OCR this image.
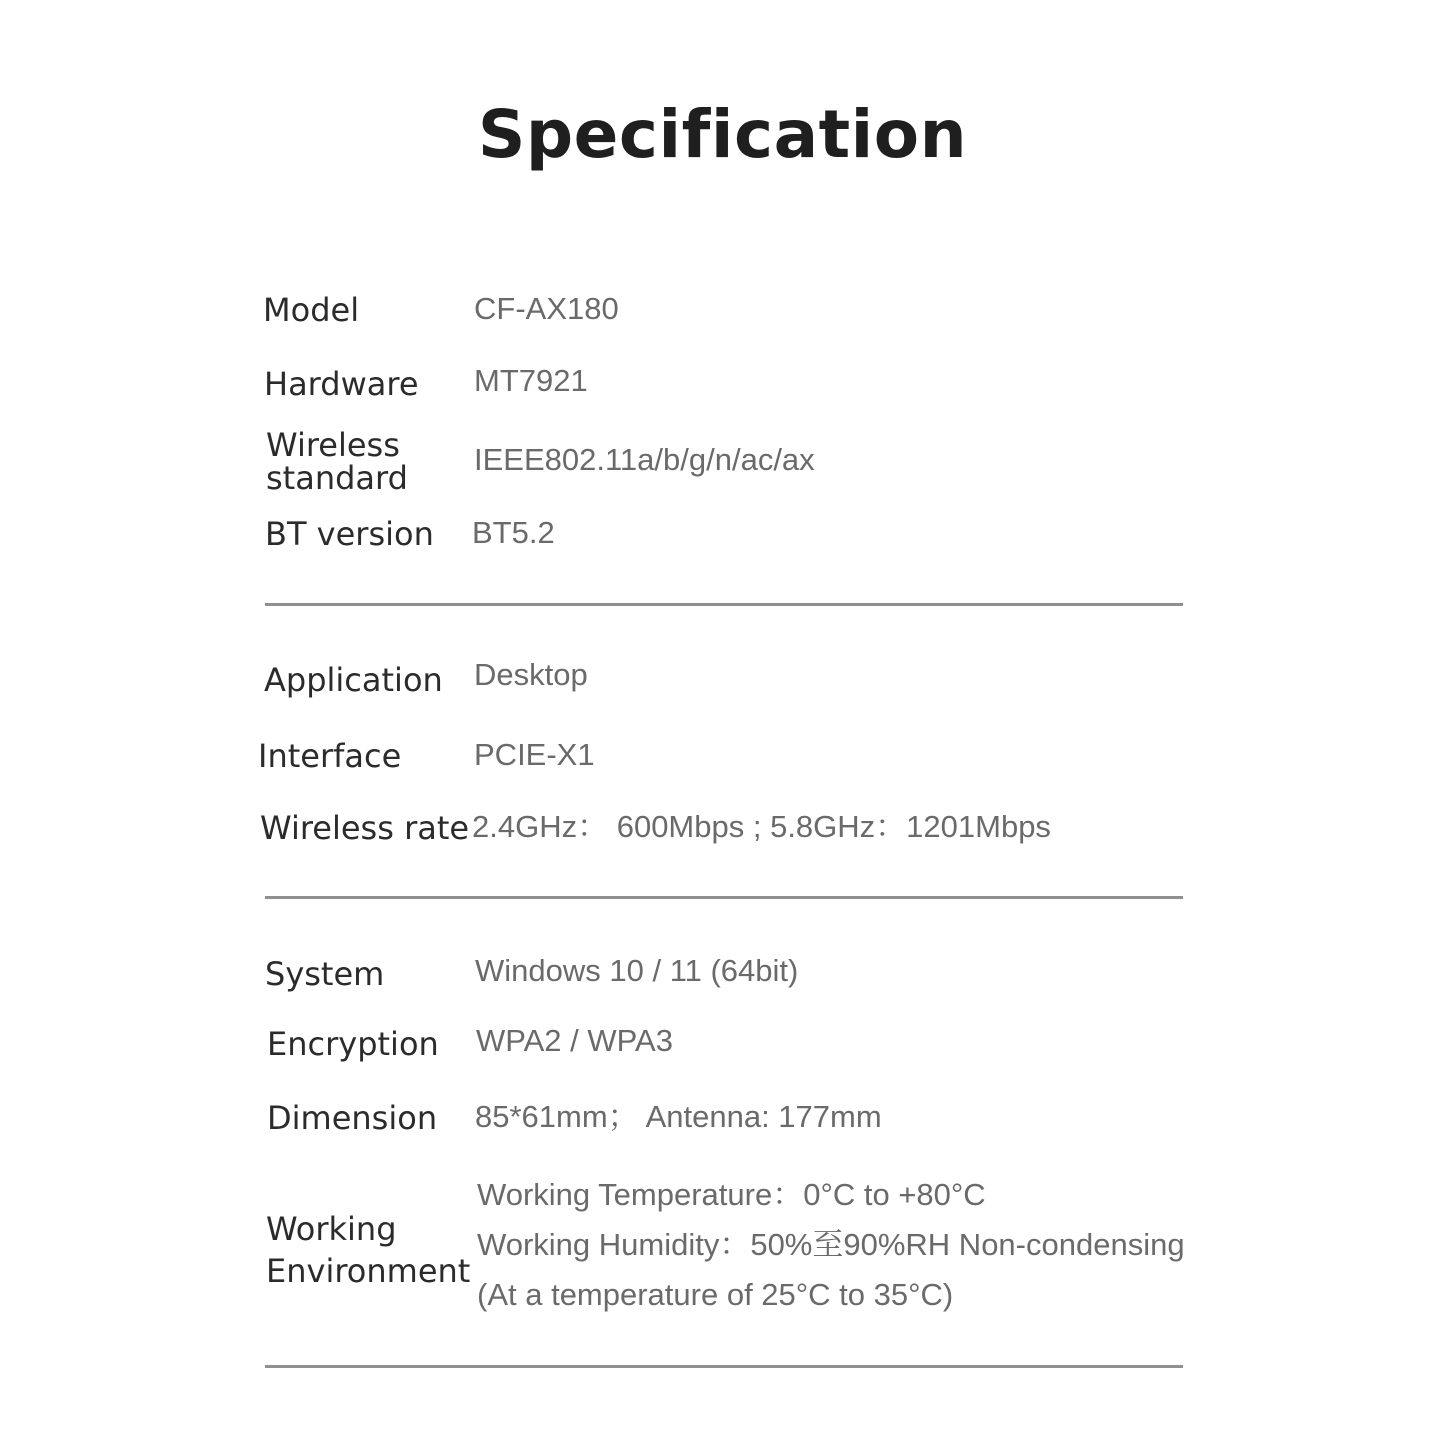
Specification
Model	CF-AX180
Hardware MT7921
Wireless
standard IEEE802.11a/b/g/n/ac/ax
BT version BT5.2
Application Desktop
Interface PCIE-X1
Wireless rate 2.4GHz： 600Mbps ; 5.8GHz：1201Mbps
System	Windows 10 / 11 (64bit)
Encryption WPA2 / WPA3
Dimension 85*61mm； Antenna: 177mm
Working
Environment
Working Temperature：0°C to +80°C
Working Humidity：50%至90%RH Non-condensing
(At a temperature of 25°C to 35°C)
